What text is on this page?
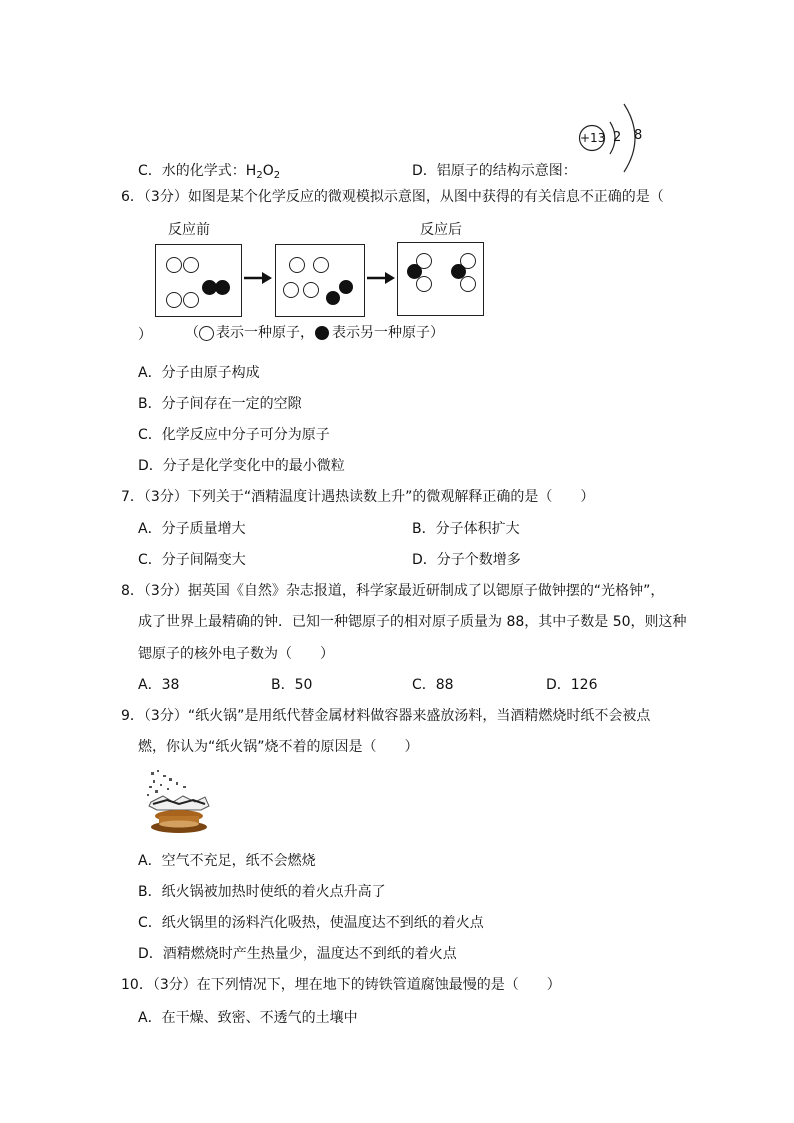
C．水的化学式：$H_2O_2$	D．铝原子的结构示意图：
+13 2 8
6．（3分）如图是某个化学反应的微观模拟示意图，从图中获得的有关信息不正确的是（
反应前	反应后
） （ 表示一种原子， 表示另一种原子）
A．分子由原子构成
B．分子间存在一定的空隙
C．化学反应中分子可分为原子
D．分子是化学变化中的最小微粒
7．（3分）下列关于“酒精温度计遇热读数上升”的微观解释正确的是（　　）
A．分子质量增大	B．分子体积扩大
C．分子间隔变大	D．分子个数增多
8．（3分）据英国《自然》杂志报道，科学家最近研制成了以锶原子做钟摆的“光格钟”，
成了世界上最精确的钟．已知一种锶原子的相对原子质量为 88，其中子数是 50，则这种
锶原子的核外电子数为（　　）
A．38	B．50	C．88	D．126
9．（3分）“纸火锅”是用纸代替金属材料做容器来盛放汤料，当酒精燃烧时纸不会被点
燃，你认为“纸火锅”烧不着的原因是（　　）
A．空气不充足，纸不会燃烧
B．纸火锅被加热时使纸的着火点升高了
C．纸火锅里的汤料汽化吸热，使温度达不到纸的着火点
D．酒精燃烧时产生热量少，温度达不到纸的着火点
10．（3分）在下列情况下，埋在地下的铸铁管道腐蚀最慢的是（　　）
A．在干燥、致密、不透气的土壤中
